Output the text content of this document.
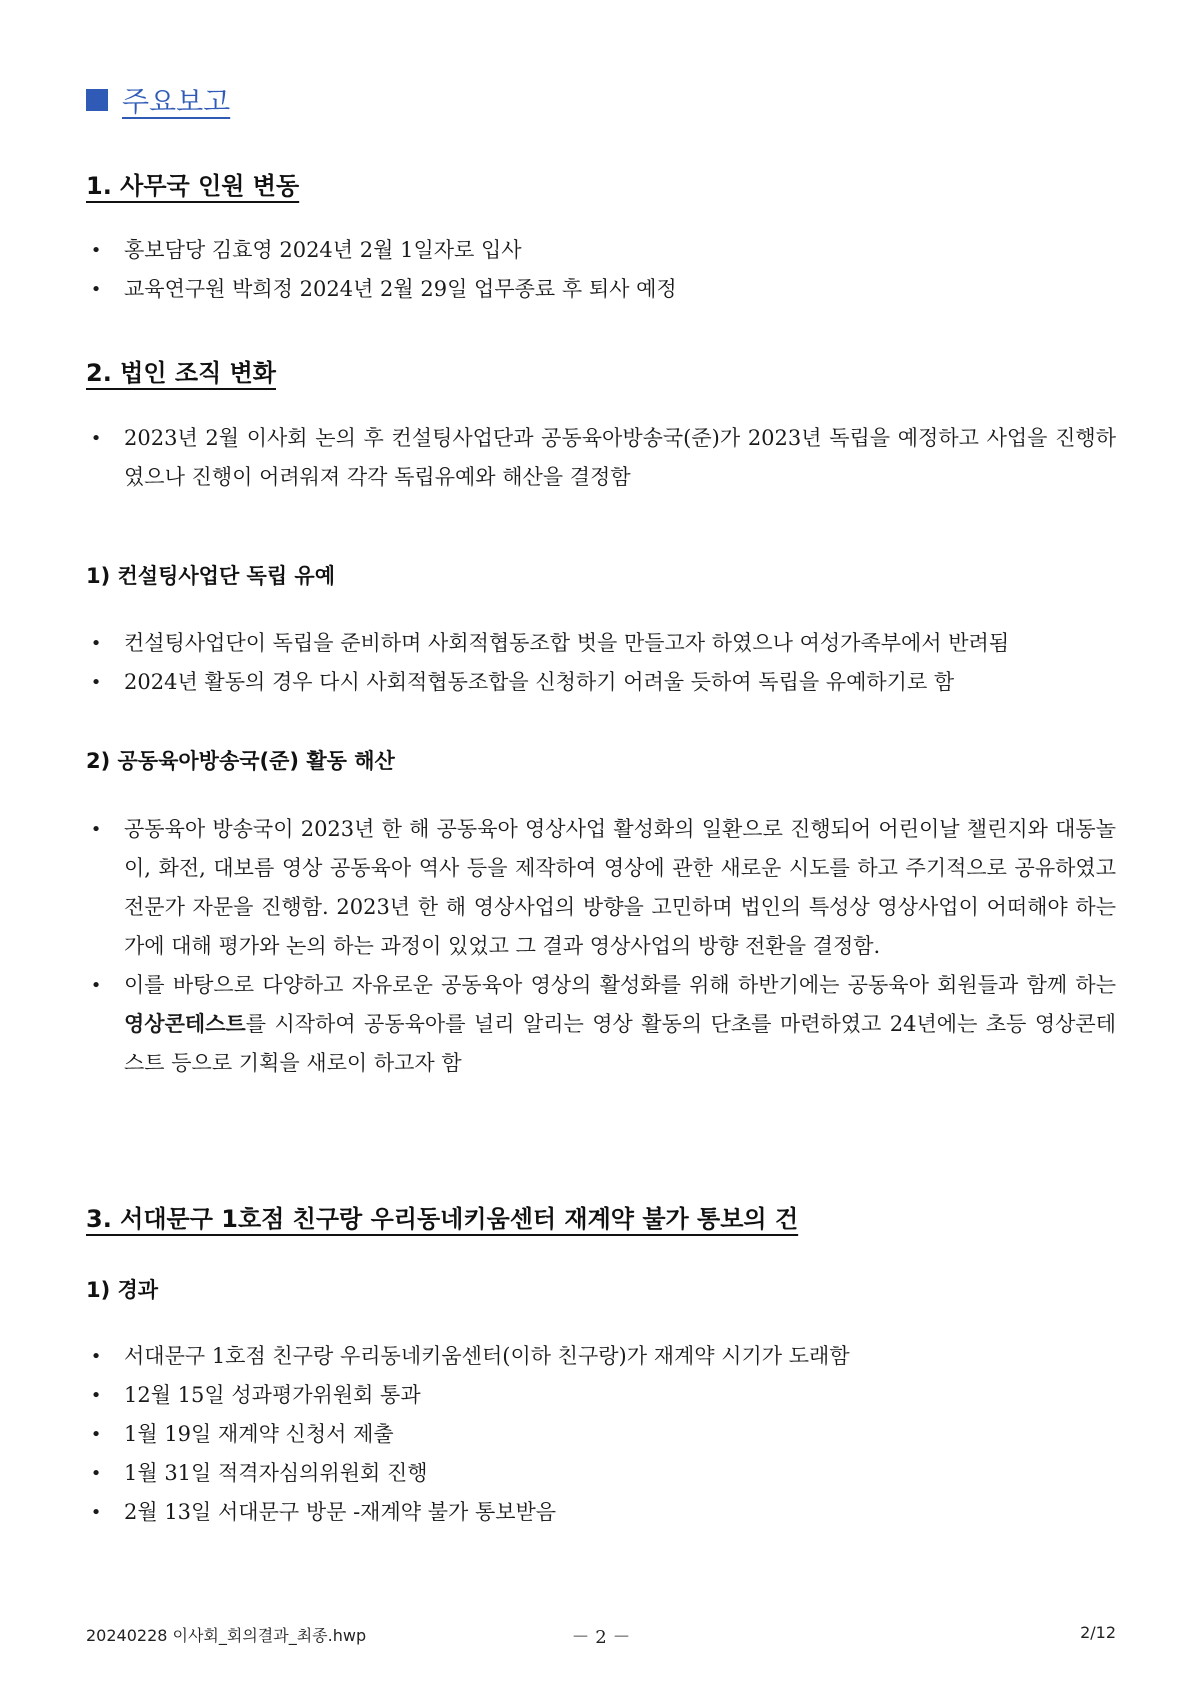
주요보고
1. 사무국 인원 변동
• 홍보담당 김효영 2024년 2월 1일자로 입사
• 교육연구원 박희정 2024년 2월 29일 업무종료 후 퇴사 예정
2. 법인 조직 변화
• 2023년 2월 이사회 논의 후 컨설팅사업단과 공동육아방송국(준)가 2023년 독립을 예정하고 사업을 진행하였으나 진행이 어려워져 각각 독립유예와 해산을 결정함
1) 컨설팅사업단 독립 유예
• 컨설팅사업단이 독립을 준비하며 사회적협동조합 벗을 만들고자 하였으나 여성가족부에서 반려됨
• 2024년 활동의 경우 다시 사회적협동조합을 신청하기 어려울 듯하여 독립을 유예하기로 함
2) 공동육아방송국(준) 활동 해산
• 공동육아 방송국이 2023년 한 해 공동육아 영상사업 활성화의 일환으로 진행되어 어린이날 챌린지와 대동놀이, 화전, 대보름 영상 공동육아 역사 등을 제작하여 영상에 관한 새로운 시도를 하고 주기적으로 공유하였고 전문가 자문을 진행함. 2023년 한 해 영상사업의 방향을 고민하며 법인의 특성상 영상사업이 어떠해야 하는가에 대해 평가와 논의 하는 과정이 있었고 그 결과 영상사업의 방향 전환을 결정함.
• 이를 바탕으로 다양하고 자유로운 공동육아 영상의 활성화를 위해 하반기에는 공동육아 회원들과 함께 하는 영상콘테스트를 시작하여 공동육아를 널리 알리는 영상 활동의 단초를 마련하였고 24년에는 초등 영상콘테스트 등으로 기획을 새로이 하고자 함
3. 서대문구 1호점 친구랑 우리동네키움센터 재계약 불가 통보의 건
1) 경과
• 서대문구 1호점 친구랑 우리동네키움센터(이하 친구랑)가 재계약 시기가 도래함
• 12월 15일 성과평가위원회 통과
• 1월 19일 재계약 신청서 제출
• 1월 31일 적격자심의위원회 진행
• 2월 13일 서대문구 방문 -재계약 불가 통보받음
20240228 이사회_회의결과_최종.hwp	－ 2 －	2/12
